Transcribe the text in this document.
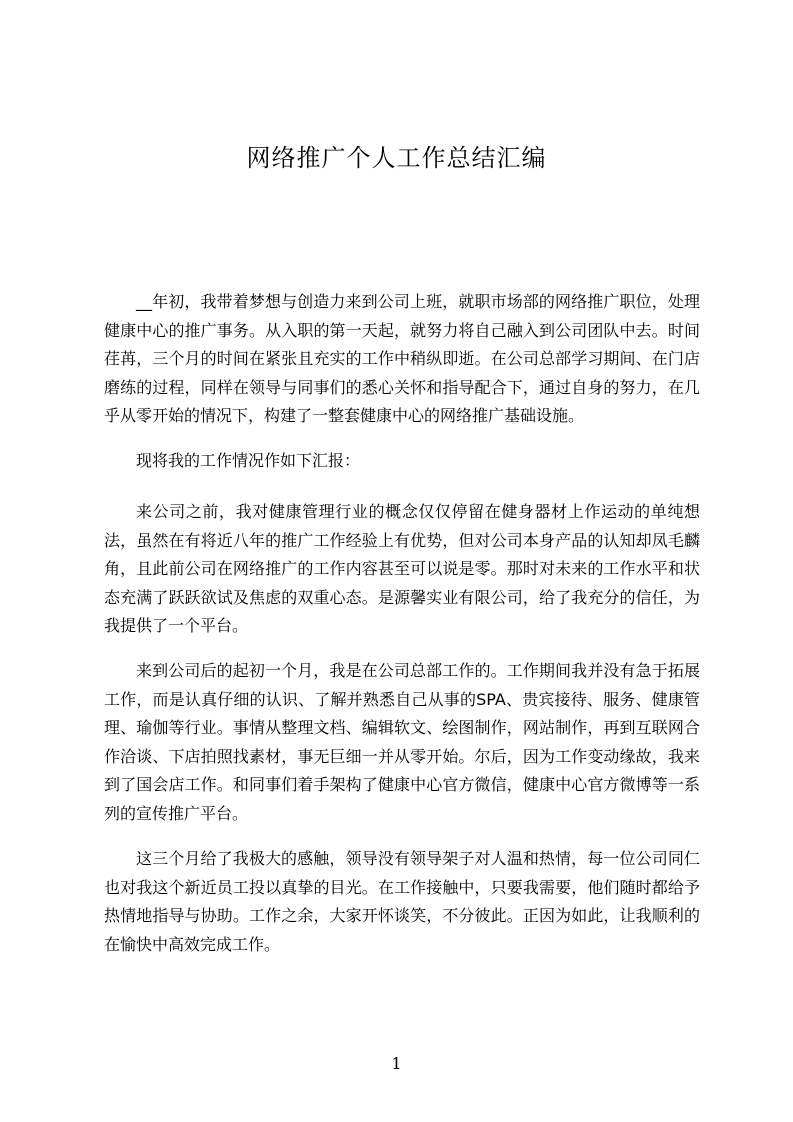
网络推广个人工作总结汇编

__年初，我带着梦想与创造力来到公司上班，就职市场部的网络推广职位，处理健康中心的推广事务。从入职的第一天起，就努力将自己融入到公司团队中去。时间荏苒，三个月的时间在紧张且充实的工作中稍纵即逝。在公司总部学习期间、在门店磨练的过程，同样在领导与同事们的悉心关怀和指导配合下，通过自身的努力，在几乎从零开始的情况下，构建了一整套健康中心的网络推广基础设施。

现将我的工作情况作如下汇报：

来公司之前，我对健康管理行业的概念仅仅停留在健身器材上作运动的单纯想法，虽然在有将近八年的推广工作经验上有优势，但对公司本身产品的认知却凤毛麟角，且此前公司在网络推广的工作内容甚至可以说是零。那时对未来的工作水平和状态充满了跃跃欲试及焦虑的双重心态。是源馨实业有限公司，给了我充分的信任，为我提供了一个平台。

来到公司后的起初一个月，我是在公司总部工作的。工作期间我并没有急于拓展工作，而是认真仔细的认识、了解并熟悉自己从事的SPA、贵宾接待、服务、健康管理、瑜伽等行业。事情从整理文档、编辑软文、绘图制作，网站制作，再到互联网合作洽谈、下店拍照找素材，事无巨细一并从零开始。尔后，因为工作变动缘故，我来到了国会店工作。和同事们着手架构了健康中心官方微信，健康中心官方微博等一系列的宣传推广平台。

这三个月给了我极大的感触，领导没有领导架子对人温和热情，每一位公司同仁也对我这个新近员工投以真挚的目光。在工作接触中，只要我需要，他们随时都给予热情地指导与协助。工作之余，大家开怀谈笑，不分彼此。正因为如此，让我顺利的在愉快中高效完成工作。

1
